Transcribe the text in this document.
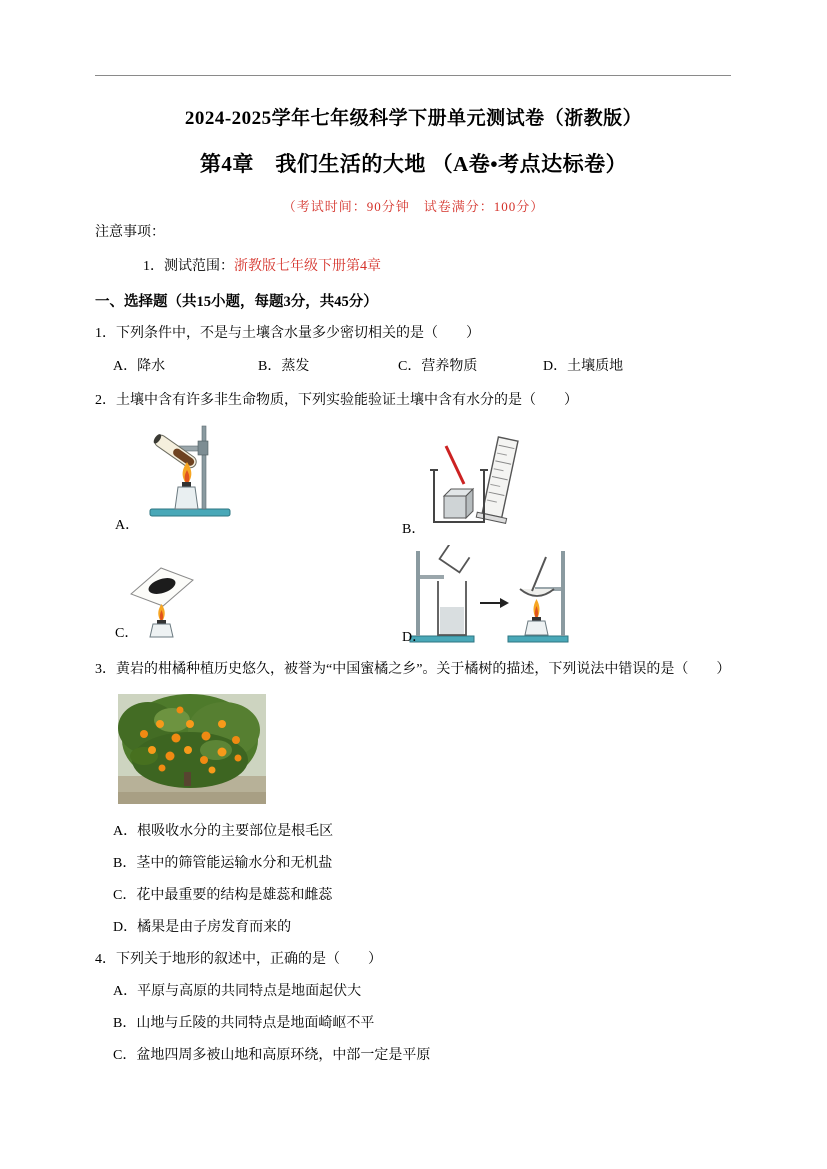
2024-2025学年七年级科学下册单元测试卷（浙教版）
第4章　我们生活的大地 （A卷•考点达标卷）
（考试时间：90分钟　试卷满分：100分）
注意事项：
1．测试范围：浙教版七年级下册第4章
一、选择题（共15小题，每题3分，共45分）
1．下列条件中，不是与土壤含水量多少密切相关的是（　　）
A．降水	B．蒸发	C．营养物质	D．土壤质地
2．土壤中含有许多非生命物质，下列实验能验证土壤中含有水分的是（　　）
A．	B．
C．	D．
3．黄岩的柑橘种植历史悠久，被誉为“中国蜜橘之乡”。关于橘树的描述，下列说法中错误的是（　　）
A．根吸收水分的主要部位是根毛区
B．茎中的筛管能运输水分和无机盐
C．花中最重要的结构是雄蕊和雌蕊
D．橘果是由子房发育而来的
4．下列关于地形的叙述中，正确的是（　　）
A．平原与高原的共同特点是地面起伏大
B．山地与丘陵的共同特点是地面崎岖不平
C．盆地四周多被山地和高原环绕，中部一定是平原
